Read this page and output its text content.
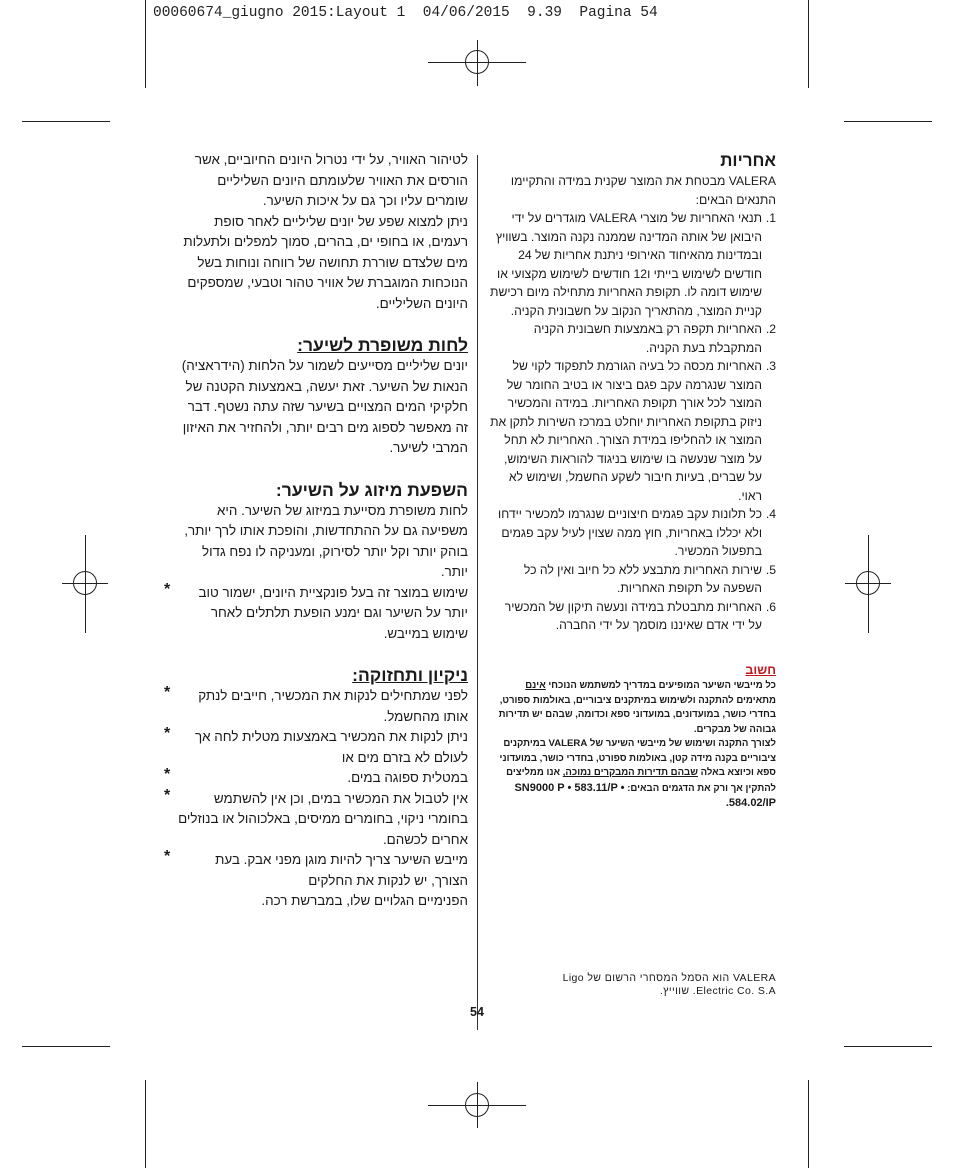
00060674_giugno 2015:Layout 1  04/06/2015  9.39  Pagina 54
אחריות

VALERA מבטחת את המוצר שקנית במידה והתקיימו התנאים הבאים:

1.
תנאי האחריות של מוצרי VALERA מוגדרים על ידי היבואן של אותה המדינה שממנה נקנה המוצר. בשוויץ ובמדינות מהאיחוד האירופי ניתנת אחריות של 24 חודשים לשימוש בייתי ו12 חודשים לשימוש מקצועי או שימוש דומה לו. תקופת האחריות מתחילה מיום רכישת קניית המוצר, מהתאריך הנקוב על חשבונית הקניה.
2.
האחריות תקפה רק באמצעות חשבונית הקניה המתקבלת בעת הקניה.
3.
האחריות מכסה כל בעיה הגורמת לתפקוד לקוי של המוצר שנגרמה עקב פגם ביצור או בטיב החומר של המוצר לכל אורך תקופת האחריות. במידה והמכשיר ניזוק בתקופת האחריות יוחלט במרכז השירות לתקן את המוצר או להחליפו במידת הצורך. האחריות לא תחל על מוצר שנעשה בו שימוש בניגוד להוראות השימוש, על שברים, בעיות חיבור לשקע החשמל, ושימוש לא ראוי.
4.
כל תלונות עקב פגמים חיצוניים שנגרמו למכשיר יידחו ולא יכללו באחריות, חוץ ממה שצוין לעיל עקב פגמים בתפעול המכשיר.
5.
שירות האחריות מתבצע ללא כל חיוב ואין לה כל השפעה על תקופת האחריות.
6.
האחריות מתבטלת במידה ונעשה תיקון של המכשיר על ידי אדם שאיננו מוסמך על ידי החברה.
חשוב
כל מייבשי השיער המופיעים במדריך למשתמש הנוכחי אינם מתאימים להתקנה ולשימוש במיתקנים ציבוריים, באולמות ספורט, בחדרי כושר, במועדונים, במועדוני ספא וכדומה, שבהם יש תדירות גבוהה של מבקרים.
לצורך התקנה ושימוש של מייבשי השיער של VALERA במיתקנים ציבוריים בקנה מידה קטן, באולמות ספורט, בחדרי כושר, במועדוני ספא וכיוצא באלה שבהם תדירות המבקרים נמוכה, אנו ממליצים להתקין אך ורק את הדגמים הבאים: SN9000 P • 583.11/P • 584.02/IP.

לטיהור האוויר, על ידי נטרול היונים החיוביים, אשר הורסים את האוויר שלעומתם היונים השליליים שומרים עליו וכך גם על איכות השיער.

ניתן למצוא שפע של יונים שליליים לאחר סופת רעמים, או בחופי ים, בהרים, סמוך למפלים ולתעלות מים שלצדם שוררת תחושה של רווחה ונוחות בשל הנוכחות המוגברת של אוויר טהור וטבעי, שמספקים היונים השליליים.

לחות משופרת לשיער:

יונים שליליים מסייעים לשמור על הלחות (הידראציה) הנאות של השיער. זאת יעשה, באמצעות הקטנה של חלקיקי המים המצויים בשיער שזה עתה נשטף. דבר זה מאפשר לספוג מים רבים יותר, ולהחזיר את האיזון המרבי לשיער.

השפעת מיזוג על השיער:

לחות משופרת מסייעת במיזוג של השיער. היא משפיעה גם על ההתחדשות, והופכת אותו לרך יותר, בוהק יותר וקל יותר לסירוק, ומעניקה לו נפח גדול יותר.

* שימוש במוצר זה בעל פונקציית היונים, ישמור טוב יותר על השיער וגם ימנע הופעת תלתלים לאחר שימוש במייבש.
ניקיון ותחזוקה:
* לפני שמתחילים לנקות את המכשיר, חייבים לנתק אותו מהחשמל.
* ניתן לנקות את המכשיר באמצעות מטלית לחה אך לעולם לא בזרם מים או
*	במטלית ספוגה במים.
*	אין לטבול את המכשיר במים, וכן אין להשתמש בחומרי ניקוי, בחומרים ממיסים, באלכוהול או בנוזלים אחרים לכשהם.
*	מייבש השיער צריך להיות מוגן מפני אבק. בעת הצורך, יש לנקות את החלקים

הפנימיים הגלויים שלו, במברשת רכה.

VALERA הוא הסמל המסחרי הרשום של Ligo Electric Co. S.A. שווייץ.
54
